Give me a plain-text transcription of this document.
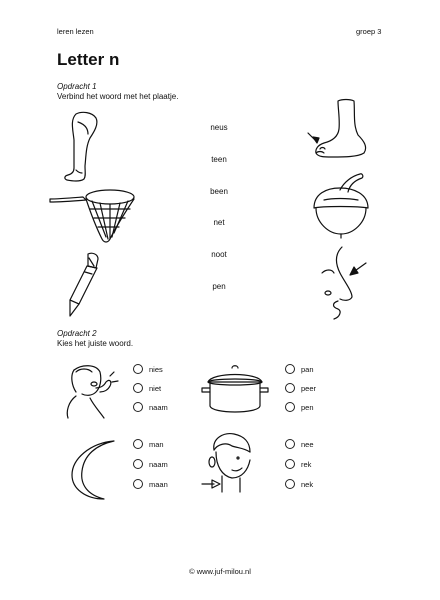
leren lezen	groep 3
Letter n
Opdracht 1
Verbind het woord met het plaatje.
neus
teen
been
net
noot
pen
Opdracht 2
Kies het juiste woord.
nies
niet
naam
pan
peer
pen
man
naam
maan
nee
rek
nek
© www.juf-milou.nl
